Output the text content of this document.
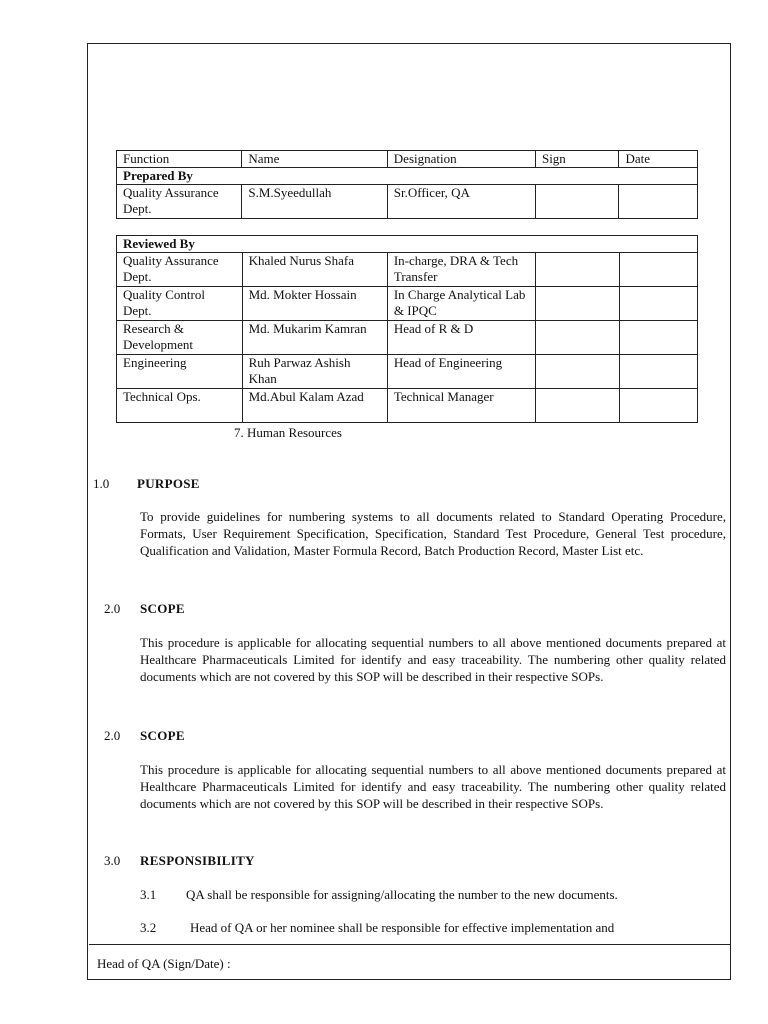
Function	Name	Designation	Sign	Date
Prepared By				
Quality Assurance Dept.	S.M.Syeedullah	Sr.Officer, QA		
Reviewed By				
Quality Assurance Dept.	Khaled Nurus Shafa	In-charge, DRA & Tech Transfer		
Quality Control Dept.	Md. Mokter Hossain	In Charge Analytical Lab & IPQC		
Research & Development	Md. Mukarim Kamran	Head of R & D		
Engineering	Ruh Parwaz Ashish Khan	Head of Engineering		
Technical Ops.	Md.Abul Kalam Azad	Technical Manager		
7. Human Resources
1.0 PURPOSE
To provide guidelines for numbering systems to all documents related to Standard Operating Procedure, Formats, User Requirement Specification, Specification, Standard Test Procedure, General Test procedure, Qualification and Validation, Master Formula Record, Batch Production Record, Master List etc.
2.0 SCOPE
This procedure is applicable for allocating sequential numbers to all above mentioned documents prepared at Healthcare Pharmaceuticals Limited for identify and easy traceability. The numbering other quality related documents which are not covered by this SOP will be described in their respective SOPs.
2.0 SCOPE
This procedure is applicable for allocating sequential numbers to all above mentioned documents prepared at Healthcare Pharmaceuticals Limited for identify and easy traceability. The numbering other quality related documents which are not covered by this SOP will be described in their respective SOPs.
3.0 RESPONSIBILITY
3.1 QA shall be responsible for assigning/allocating the number to the new documents.
3.2	Head of QA or her nominee shall be responsible for effective implementation and
Head of QA (Sign/Date) :
